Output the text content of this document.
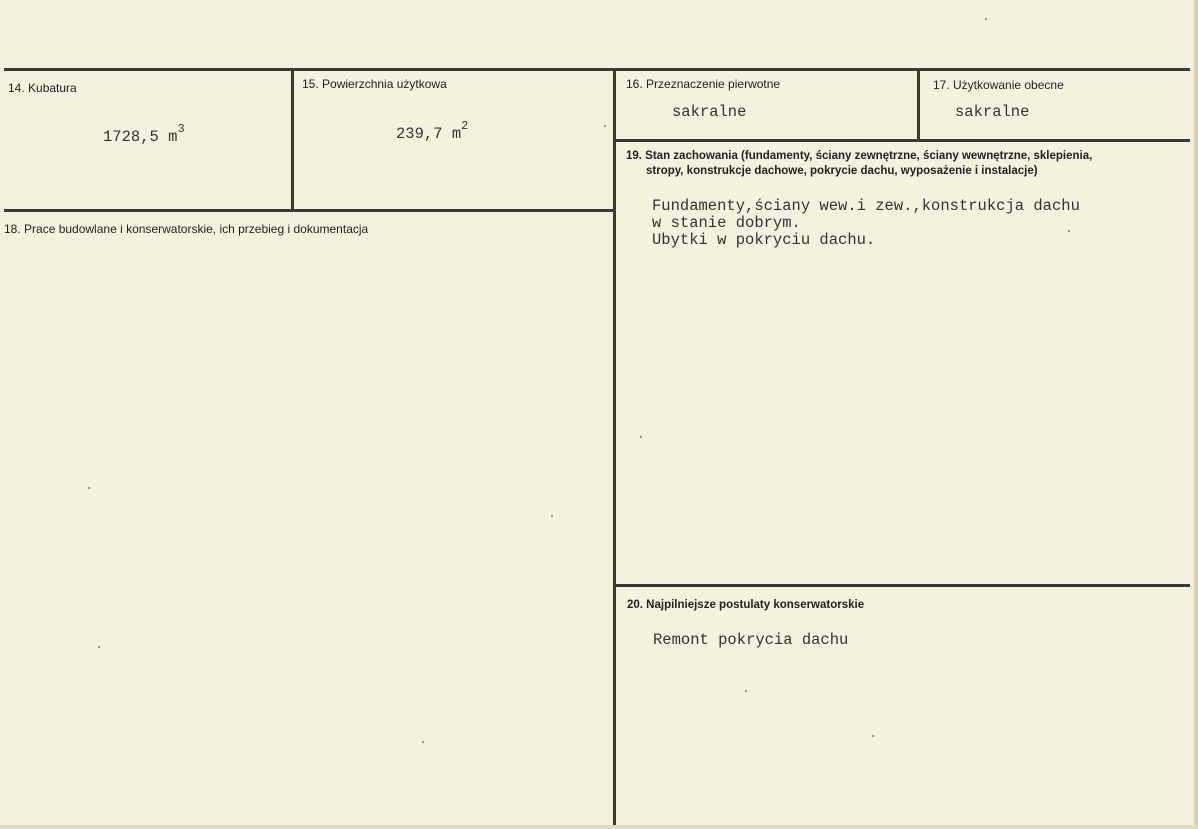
14. Kubatura
1728,5 $m^3$
15. Powierzchnia użytkowa
239,7 $m^2$
16. Przeznaczenie pierwotne
sakralne
17. Użytkowanie obecne
sakralne
18. Prace budowlane i konserwatorskie, ich przebieg i dokumentacja
19. Stan zachowania (fundamenty, ściany zewnętrzne, ściany wewnętrzne, sklepienia,
stropy, konstrukcje dachowe, pokrycie dachu, wyposażenie i instalacje)
Fundamenty,ściany wew.i zew.,konstrukcja dachu
w stanie dobrym.
Ubytki w pokryciu dachu.
20. Najpilniejsze postulaty konserwatorskie
Remont pokrycia dachu
